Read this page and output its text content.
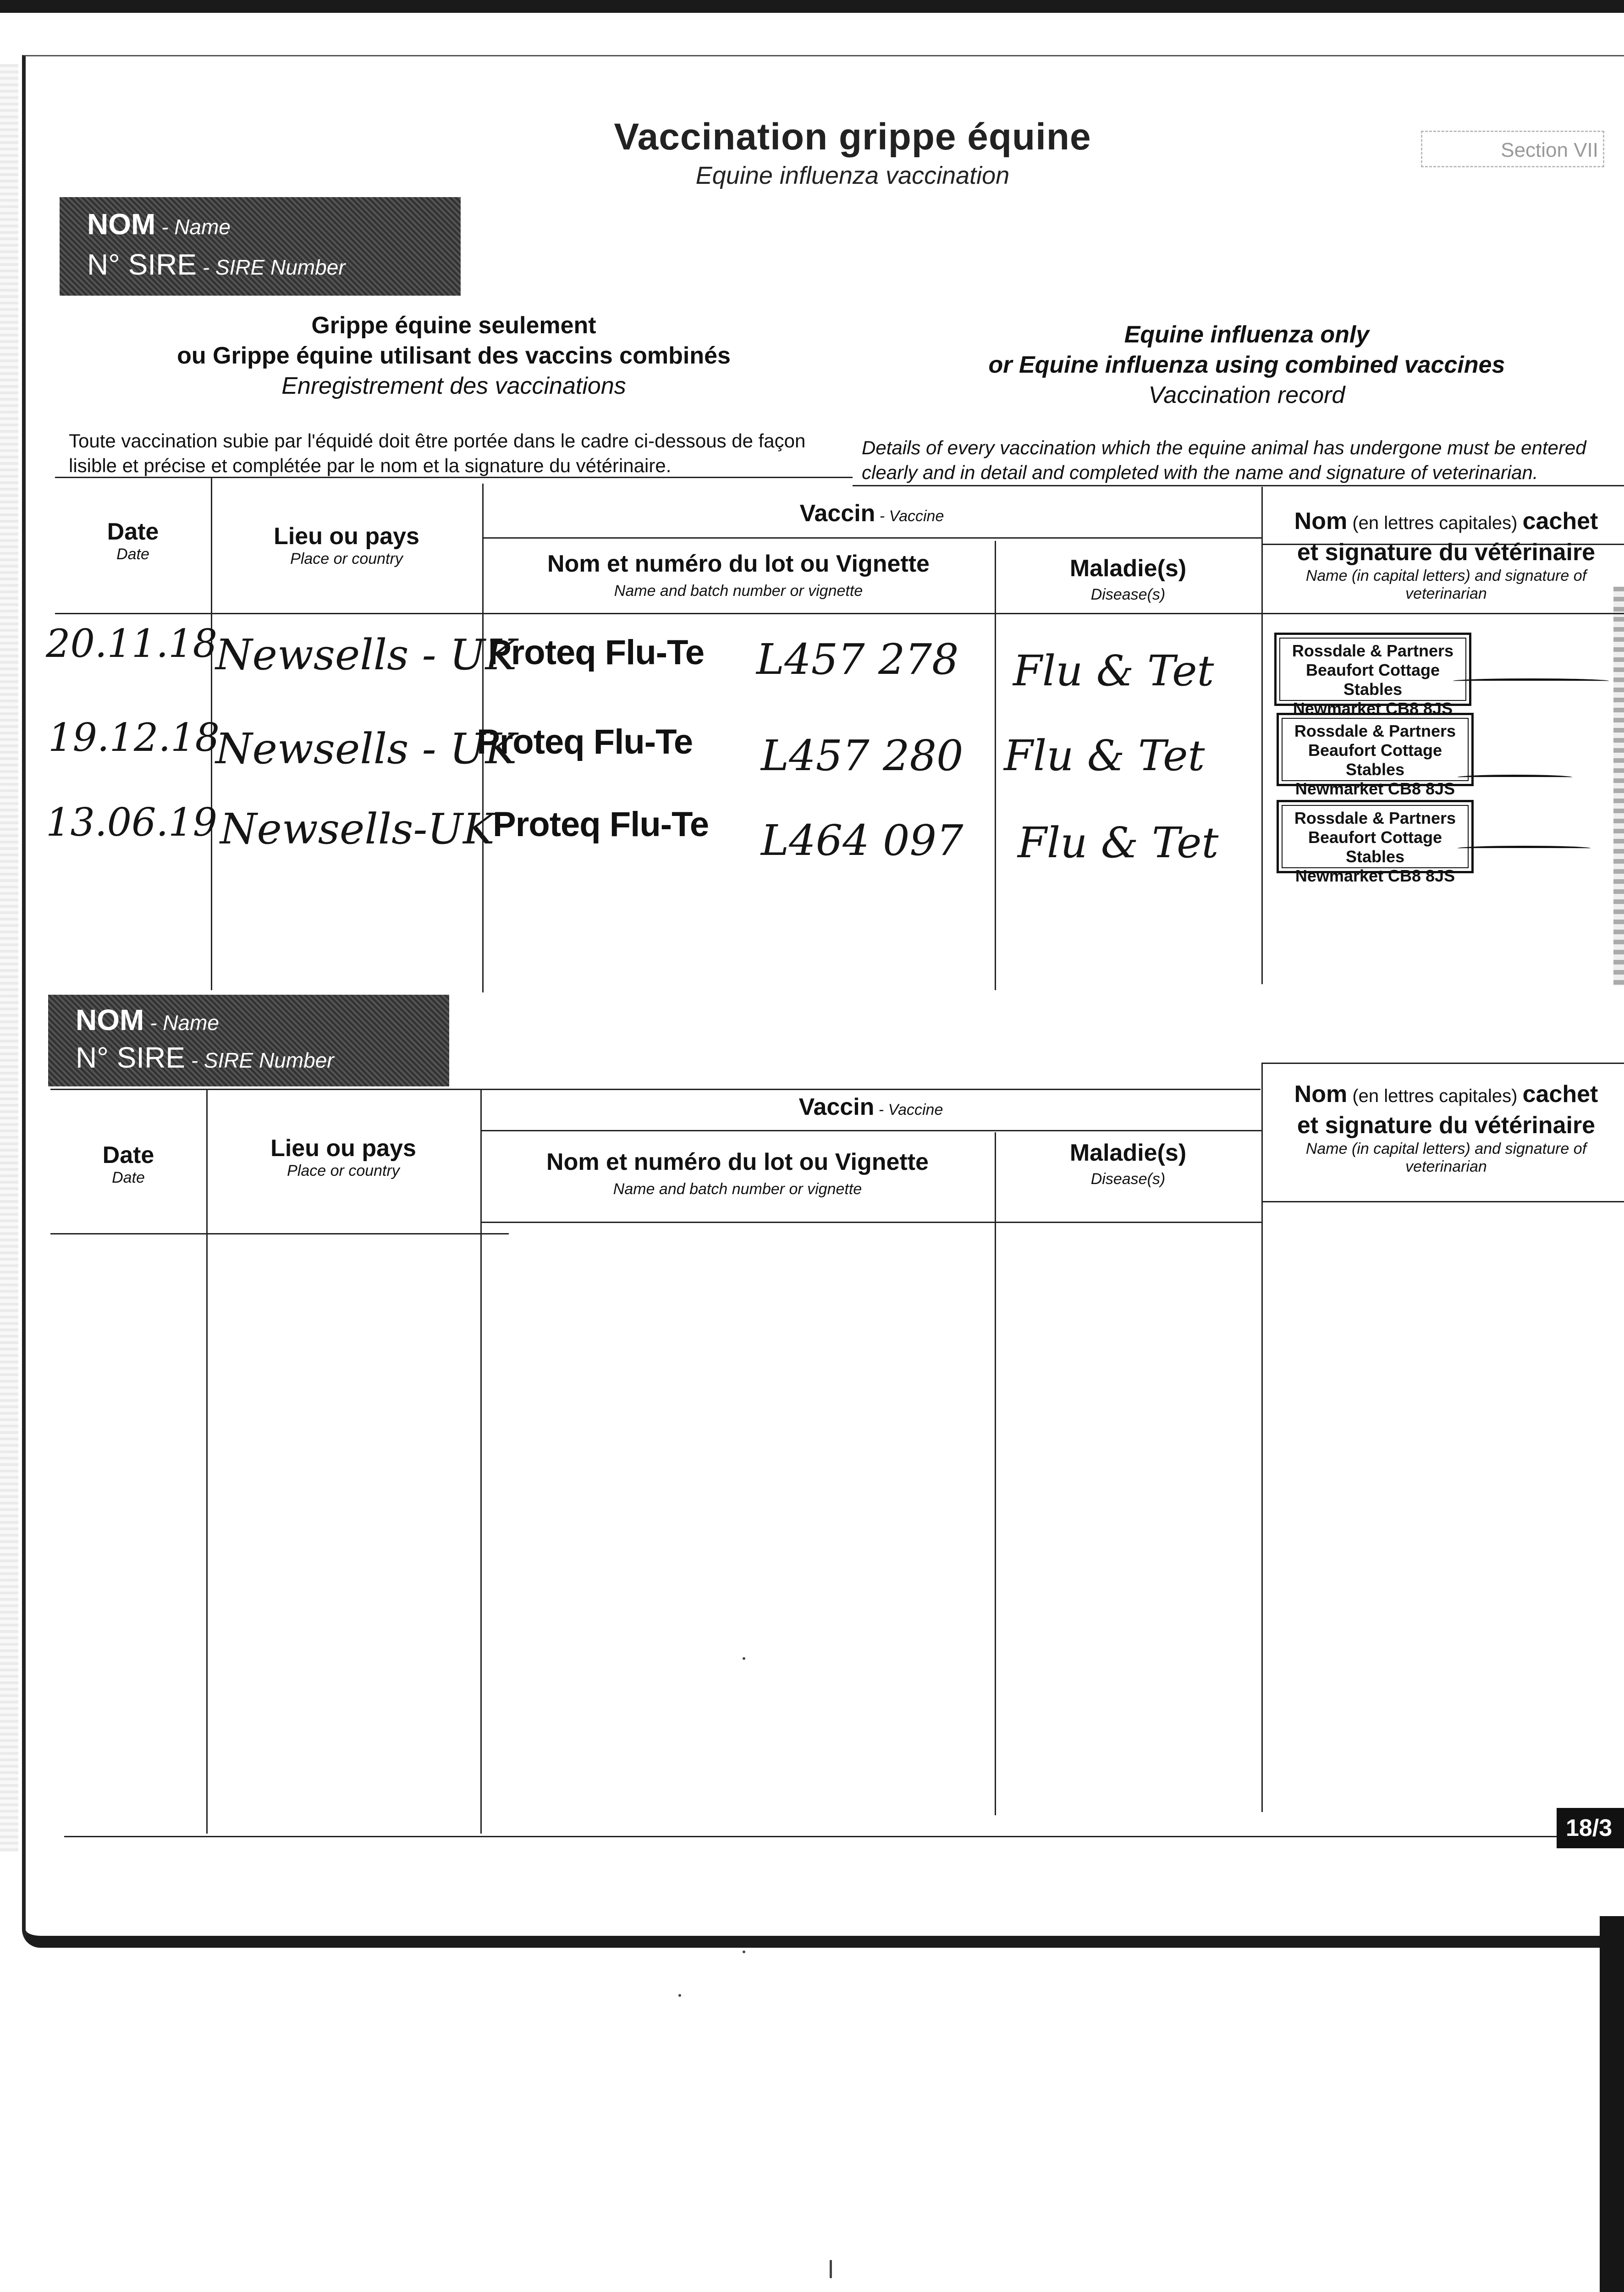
Vaccination grippe équine
Equine influenza vaccination
Section VII
NOM - Name
N° SIRE - SIRE Number
Grippe équine seulement
ou Grippe équine utilisant des vaccins combinés
Enregistrement des vaccinations
Equine influenza only
or Equine influenza using combined vaccines
Vaccination record
Toute vaccination subie par l'équidé doit être portée dans le cadre ci-dessous de façon lisible et précise et complétée par le nom et la signature du vétérinaire.
Details of every vaccination which the equine animal has undergone must be entered clearly and in detail and completed with the name and signature of veterinarian.
Date
Date
Lieu ou pays
Place or country
Vaccin - Vaccine
Nom et numéro du lot ou Vignette
Name and batch number or vignette
Maladie(s)
Disease(s)
Nom (en lettres capitales) cachet
et signature du vétérinaire
Name (in capital letters) and signature of veterinarian
20.11.18
Newsells - UK
Proteq Flu-Te L457 278 Flu & Tet	Rossdale & Partners
Beaufort Cottage Stables
Newmarket CB8 8JS
19.12.18
Newsells - UK
Proteq Flu-Te L457 280 Flu & Tet
Rossdale & Partners
Beaufort Cottage Stables
Newmarket CB8 8JS
13.06.19 Newsells-UK
Proteq Flu-Te L464 097 Flu & Tet
Rossdale & Partners
Beaufort Cottage Stables
Newmarket CB8 8JS
NOM - Name
N° SIRE - SIRE Number
Date
Date
Lieu ou pays
Place or country
Vaccin - Vaccine
Nom et numéro du lot ou Vignette
Name and batch number or vignette
Maladie(s)
Disease(s)
Nom (en lettres capitales) cachet
et signature du vétérinaire
Name (in capital letters) and signature of veterinarian
18/3
